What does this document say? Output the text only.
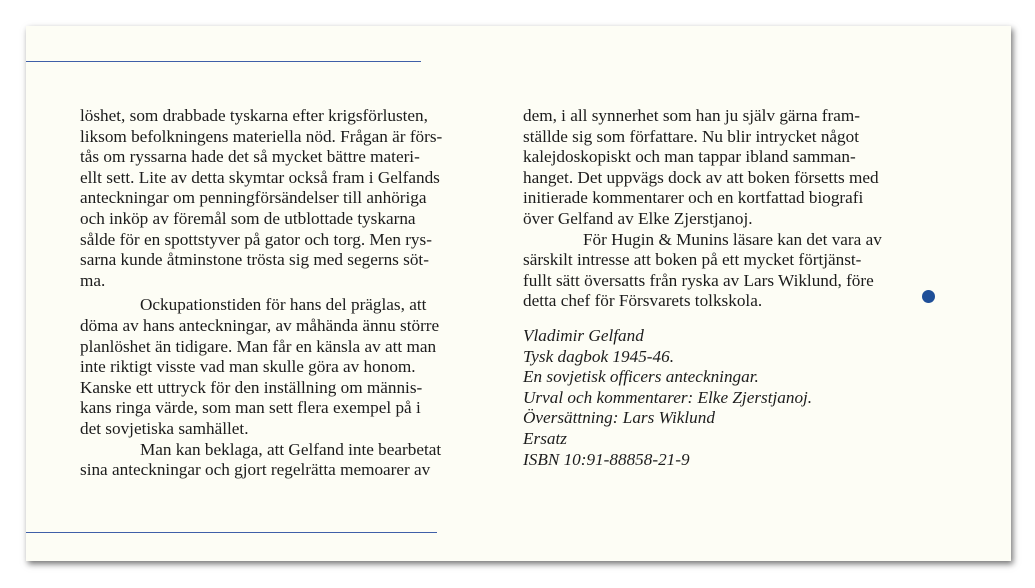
löshet, som drabbade tyskarna efter krigsförlusten,
liksom befolkningens materiella nöd. Frågan är förs-
tås om ryssarna hade det så mycket bättre materi-
ellt sett. Lite av detta skymtar också fram i Gelfands
anteckningar om penningförsändelser till anhöriga
och inköp av föremål som de utblottade tyskarna
sålde för en spottstyver på gator och torg. Men rys-
sarna kunde åtminstone trösta sig med segerns söt-
ma.

Ockupationstiden för hans del präglas, att
döma av hans anteckningar, av måhända ännu större
planlöshet än tidigare. Man får en känsla av att man
inte riktigt visste vad man skulle göra av honom.
Kanske ett uttryck för den inställning om männis-
kans ringa värde, som man sett flera exempel på i
det sovjetiska samhället.

Man kan beklaga, att Gelfand inte bearbetat
sina anteckningar och gjort regelrätta memoarer av

dem, i all synnerhet som han ju själv gärna fram-
ställde sig som författare. Nu blir intrycket något
kalejdoskopiskt och man tappar ibland samman-
hanget. Det uppvägs dock av att boken försetts med
initierade kommentarer och en kortfattad biografi
över Gelfand av Elke Zjerstjanoj.

För Hugin & Munins läsare kan det vara av
särskilt intresse att boken på ett mycket förtjänst-
fullt sätt översatts från ryska av Lars Wiklund, före
detta chef för Försvarets tolkskola.

Vladimir Gelfand
Tysk dagbok 1945-46.
En sovjetisk officers anteckningar.
Urval och kommentarer: Elke Zjerstjanoj.
Översättning: Lars Wiklund
Ersatz
ISBN 10:91-88858-21-9
